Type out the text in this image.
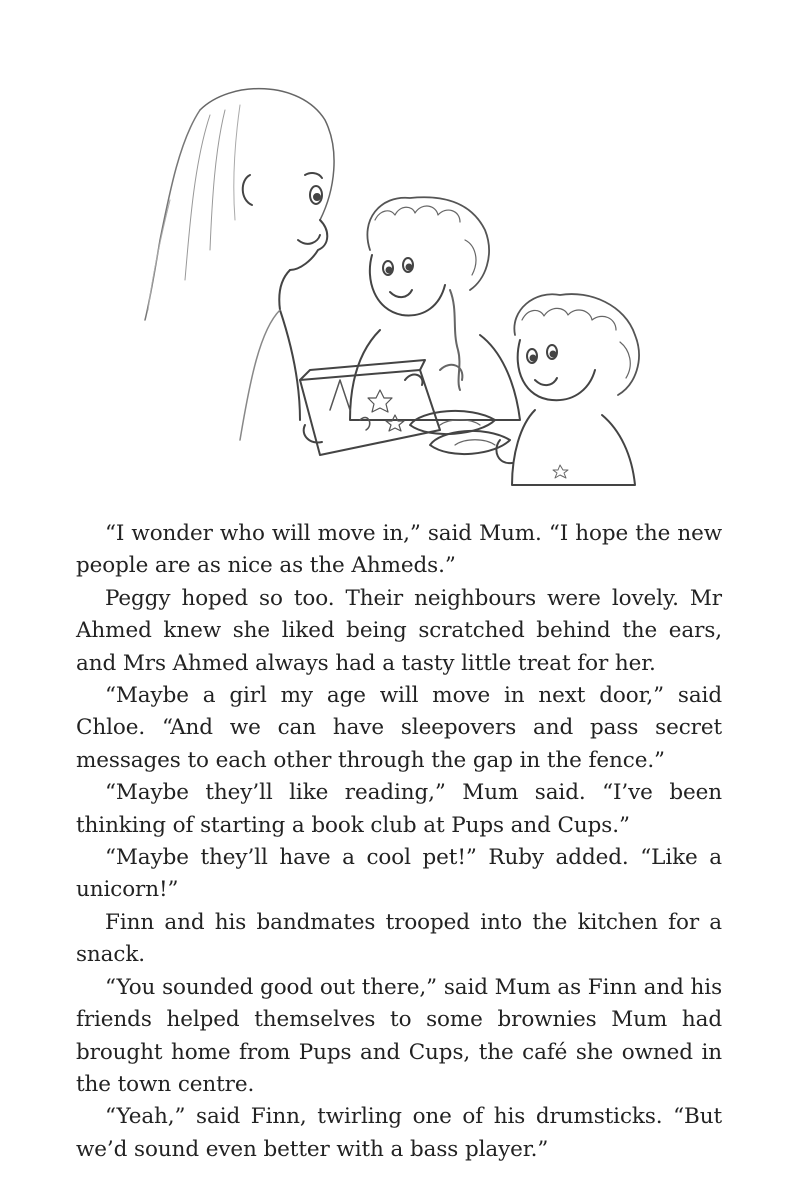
“I wonder who will move in,” said Mum. “I hope the new people are as nice as the Ahmeds.”

Peggy hoped so too. Their neighbours were lovely. Mr Ahmed knew she liked being scratched behind the ears, and Mrs Ahmed always had a tasty little treat for her.

“Maybe a girl my age will move in next door,” said Chloe. “And we can have sleepovers and pass secret messages to each other through the gap in the fence.”

“Maybe they’ll like reading,” Mum said. “I’ve been thinking of starting a book club at Pups and Cups.”

“Maybe they’ll have a cool pet!” Ruby added. “Like a unicorn!”

Finn and his bandmates trooped into the kitchen for a snack.

“You sounded good out there,” said Mum as Finn and his friends helped themselves to some brownies Mum had brought home from Pups and Cups, the café she owned in the town centre.

“Yeah,” said Finn, twirling one of his drumsticks. “But we’d sound even better with a bass player.”
